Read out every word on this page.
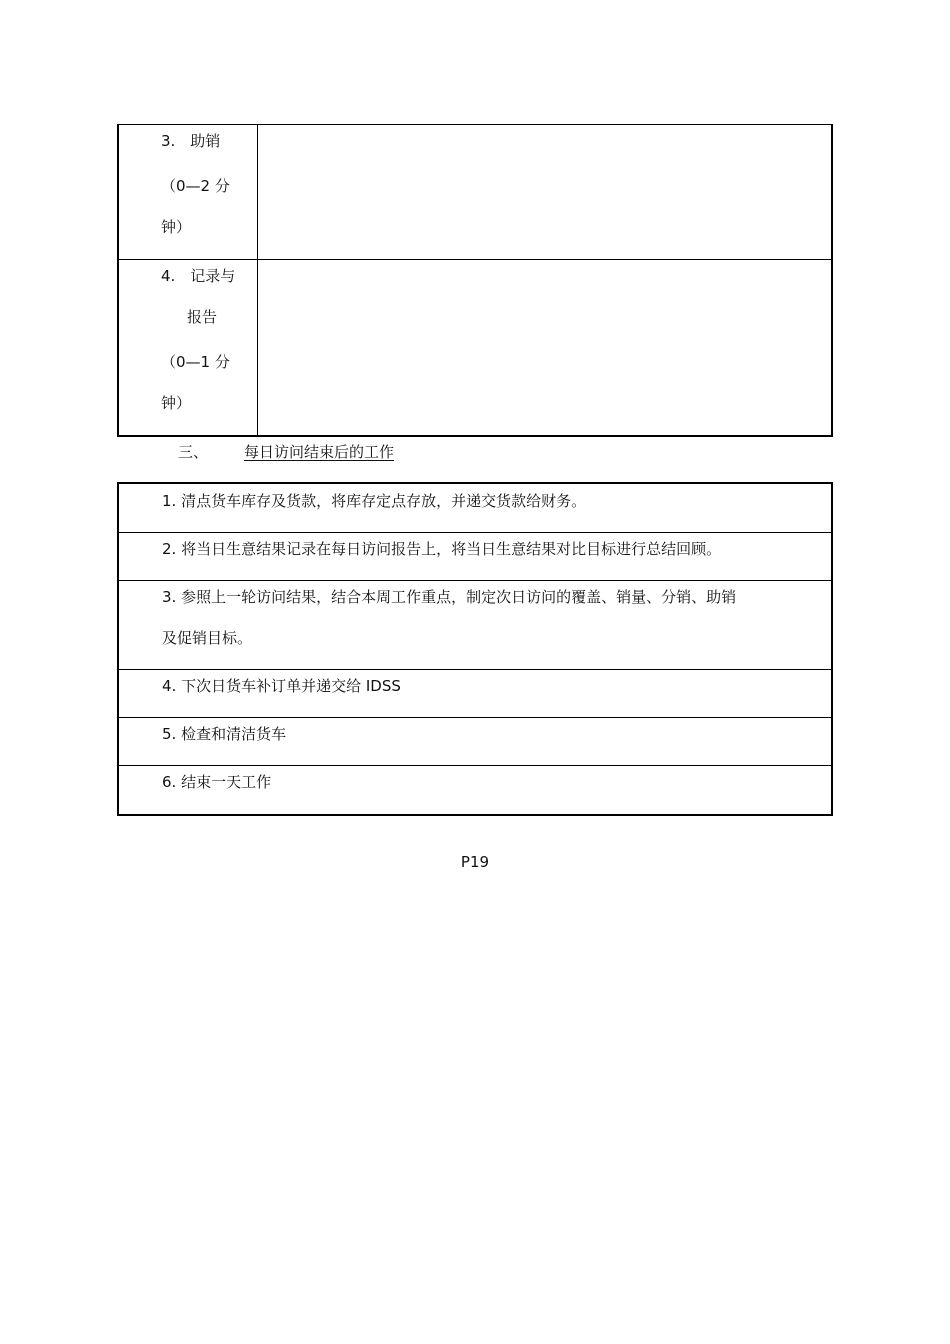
3.　助销
（0—2 分
钟）
4.　记录与
报告
（0—1 分
钟）
三、 每日访问结束后的工作
1. 清点货车库存及货款，将库存定点存放，并递交货款给财务。
2. 将当日生意结果记录在每日访问报告上，将当日生意结果对比目标进行总结回顾。
3. 参照上一轮访问结果，结合本周工作重点，制定次日访问的覆盖、销量、分销、助销
及促销目标。
4. 下次日货车补订单并递交给 IDSS
5. 检查和清洁货车
6. 结束一天工作
P19
